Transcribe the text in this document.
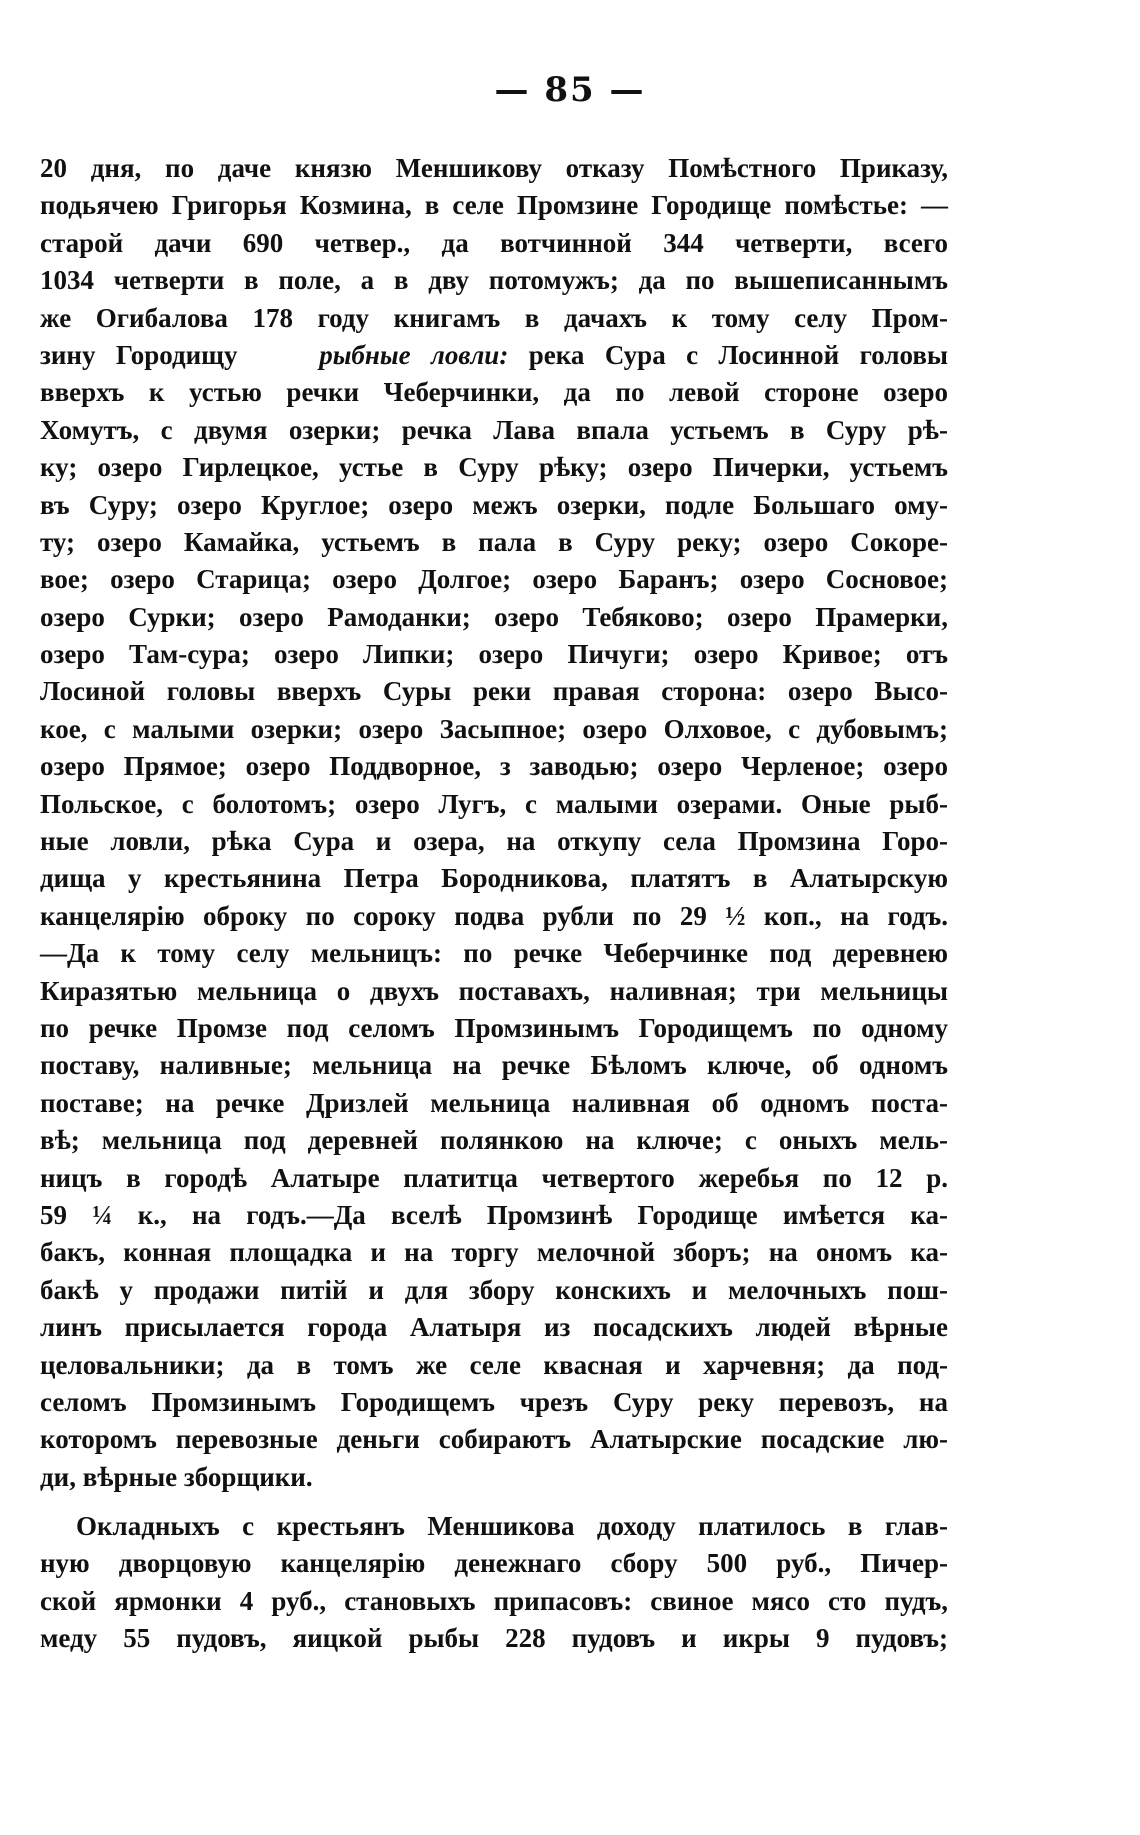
— 85 —
20 дня, по даче князю Меншикову отказу Помѣстного Приказу,
подьячею Григорья Козмина, в селе Промзине Городище помѣстье: —
старой дачи 690 четвер., да вотчинной 344 четверти, всего
1034 четверти в поле, а в дву потомужъ; да по вышеписаннымъ
же Огибалова 178 году книгамъ в дачахъ к тому селу Пром-
зину Городищу	рыбные ловли: река Сура с Лосинной головы
вверхъ к устью речки Чеберчинки, да по левой стороне озеро
Хомутъ, с двумя озерки; речка Лава впала устьемъ в Суру рѣ-
ку; озеро Гирлецкое, устье в Суру рѣку; озеро Пичерки, устьемъ
въ Суру; озеро Круглое; озеро межъ озерки, подле Большаго ому-
ту; озеро Камайка, устьемъ в пала в Суру реку; озеро Сокоре-
вое; озеро Старица; озеро Долгое; озеро Баранъ; озеро Сосновое;
озеро Сурки; озеро Рамоданки; озеро Тебяково; озеро Прамерки,
озеро Там-сура; озеро Липки; озеро Пичуги; озеро Кривое; отъ
Лосиной головы вверхъ Суры реки правая сторона: озеро Высо-
кое, с малыми озерки; озеро Засыпное; озеро Олховое, с дубовымъ;
озеро Прямое; озеро Поддворное, з заводью; озеро Черленое; озеро
Польское, с болотомъ; озеро Лугъ, с малыми озерами. Оные рыб-
ные ловли, рѣка Сура и озера, на откупу села Промзина Горо-
дища у крестьянина Петра Бородникова, платятъ в Алатырскую
канцелярію оброку по сороку подва рубли по 29 ½ коп., на годъ.
—Да к тому селу мельницъ: по речке Чеберчинке под деревнею
Киразятью мельница о двухъ поставахъ, наливная; три мельницы
по речке Промзе под селомъ Промзинымъ Городищемъ по одному
поставу, наливные; мельница на речке Бѣломъ ключе, об одномъ
поставе; на речке Дризлей мельница наливная об одномъ поста-
вѣ; мельница под деревней полянкою на ключе; с оныхъ мель-
ницъ в городѣ Алатыре платитца четвертого жеребья по 12 р.
59 ¼ к., на годъ.—Да вселѣ Промзинѣ Городище имѣется ка-
бакъ, конная площадка и на торгу мелочной зборъ; на ономъ ка-
бакѣ у продажи питій и для збору конскихъ и мелочныхъ пош-
линъ присылается города Алатыря из посадскихъ людей вѣрные
целовальники; да в томъ же селе квасная и харчевня; да под-
селомъ Промзинымъ Городищемъ чрезъ Суру реку перевозъ, на
которомъ перевозные деньги собираютъ Алатырские посадские лю-
ди, вѣрные зборщики.
Окладныхъ с крестьянъ Меншикова доходу платилось в глав-
ную дворцовую канцелярію денежнаго сбору 500 руб., Пичер-
ской ярмонки 4 руб., становыхъ припасовъ: свиное мясо сто пудъ,
меду 55 пудовъ, яицкой рыбы 228 пудовъ и икры 9 пудовъ;
